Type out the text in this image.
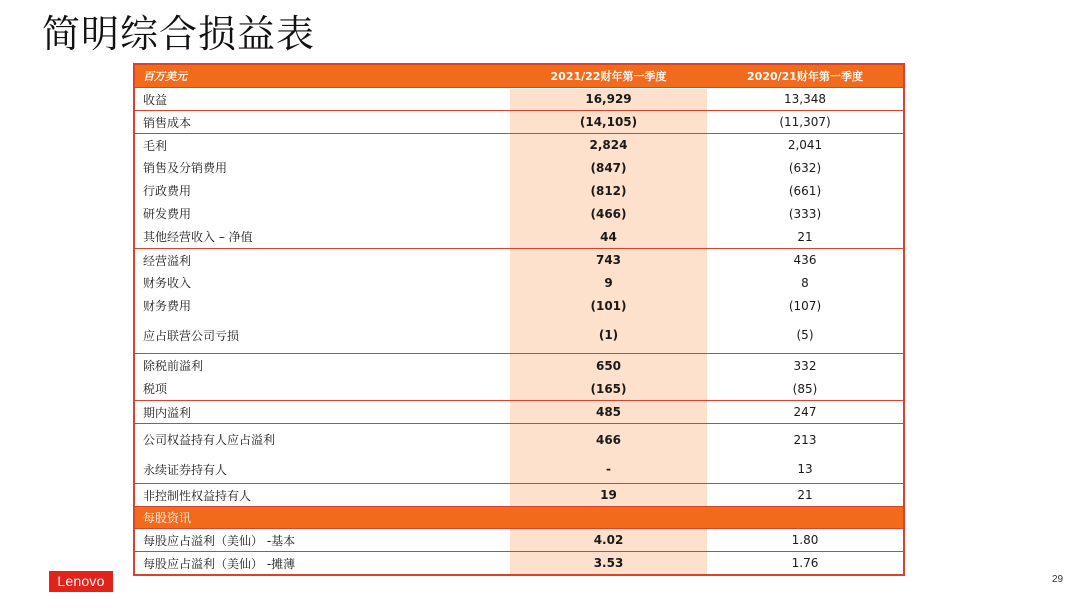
简明综合损益表
百万美元	2021/22财年第一季度	2020/21财年第一季度
收益	16,929	13,348
销售成本	(14,105)	(11,307)
毛利	2,824	2,041
销售及分销费用	(847)	(632)
行政费用	(812)	(661)
研发费用	(466)	(333)
其他经营收入 – 净值	44	21
经营溢利	743	436
财务收入	9	8
财务费用	(101)	(107)
应占联营公司亏损	(1)	(5)
除税前溢利	650	332
税项	(165)	(85)
期内溢利	485	247
公司权益持有人应占溢利	466	213
永续证券持有人	-	13
非控制性权益持有人	19	21
每股资讯
每股应占溢利（美仙） -基本	4.02	1.80
每股应占溢利（美仙） -摊薄	3.53	1.76
Lenovo	29
